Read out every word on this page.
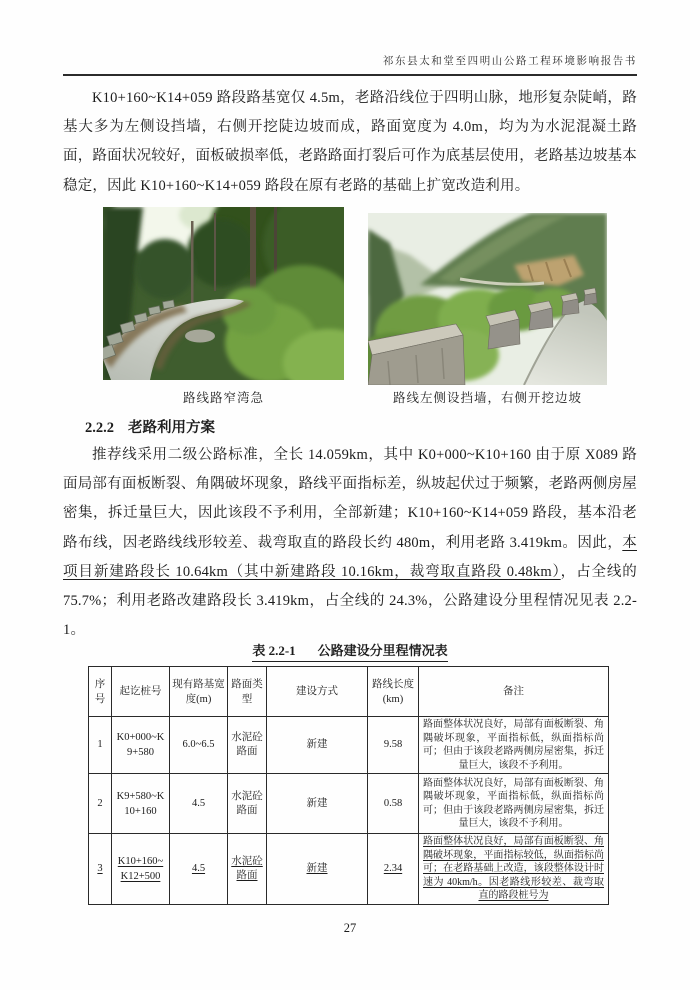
祁东县太和堂至四明山公路工程环境影响报告书

K10+160~K14+059 路段路基宽仅 4.5m，老路沿线位于四明山脉，地形复杂陡峭，路基大多为左侧设挡墙，右侧开挖陡边坡而成，路面宽度为 4.0m，均为为水泥混凝土路面，路面状况较好，面板破损率低，老路路面打裂后可作为底基层使用，老路基边坡基本稳定，因此 K10+160~K14+059 路段在原有老路的基础上扩宽改造利用。

路线路窄湾急	路线左侧设挡墙，右侧开挖边坡
2.2.2 老路利用方案

推荐线采用二级公路标准，全长 14.059km，其中 K0+000~K10+160 由于原 X089 路面局部有面板断裂、角隅破坏现象，路线平面指标差，纵坡起伏过于频繁，老路两侧房屋密集，拆迁量巨大，因此该段不予利用，全部新建；K10+160~K14+059 路段，基本沿老路布线，因老路线线形较差、裁弯取直的路段长约 480m，利用老路 3.419km。因此，本项目新建路段长 10.64km（其中新建路段 10.16km，裁弯取直路段 0.48km），占全线的 75.7%；利用老路改建路段长 3.419km，占全线的 24.3%，公路建设分里程情况见表 2.2-1。

表 2.2-1 公路建设分里程情况表
序号	起讫桩号	现有路基宽度(m)	路面类型	建设方式	路线长度(km)	备注
1	K0+000~K9+580	6.0~6.5	水泥砼路面	新建	9.58	路面整体状况良好，局部有面板断裂、角隅破坏现象，平面指标低，纵面指标尚可；但由于该段老路两侧房屋密集，拆迁量巨大，该段不予利用。
2	K9+580~K10+160	4.5	水泥砼路面	新建	0.58	路面整体状况良好，局部有面板断裂、角隅破坏现象，平面指标低，纵面指标尚可；但由于该段老路两侧房屋密集，拆迁量巨大，该段不予利用。
3	K10+160~K12+500	4.5	水泥砼路面	新建	2.34	路面整体状况良好，局部有面板断裂、角隅破坏现象，平面指标较低，纵面指标尚可；在老路基础上改造，该段整体设计时速为 40km/h。因老路线形较差、裁弯取直的路段桩号为
27
